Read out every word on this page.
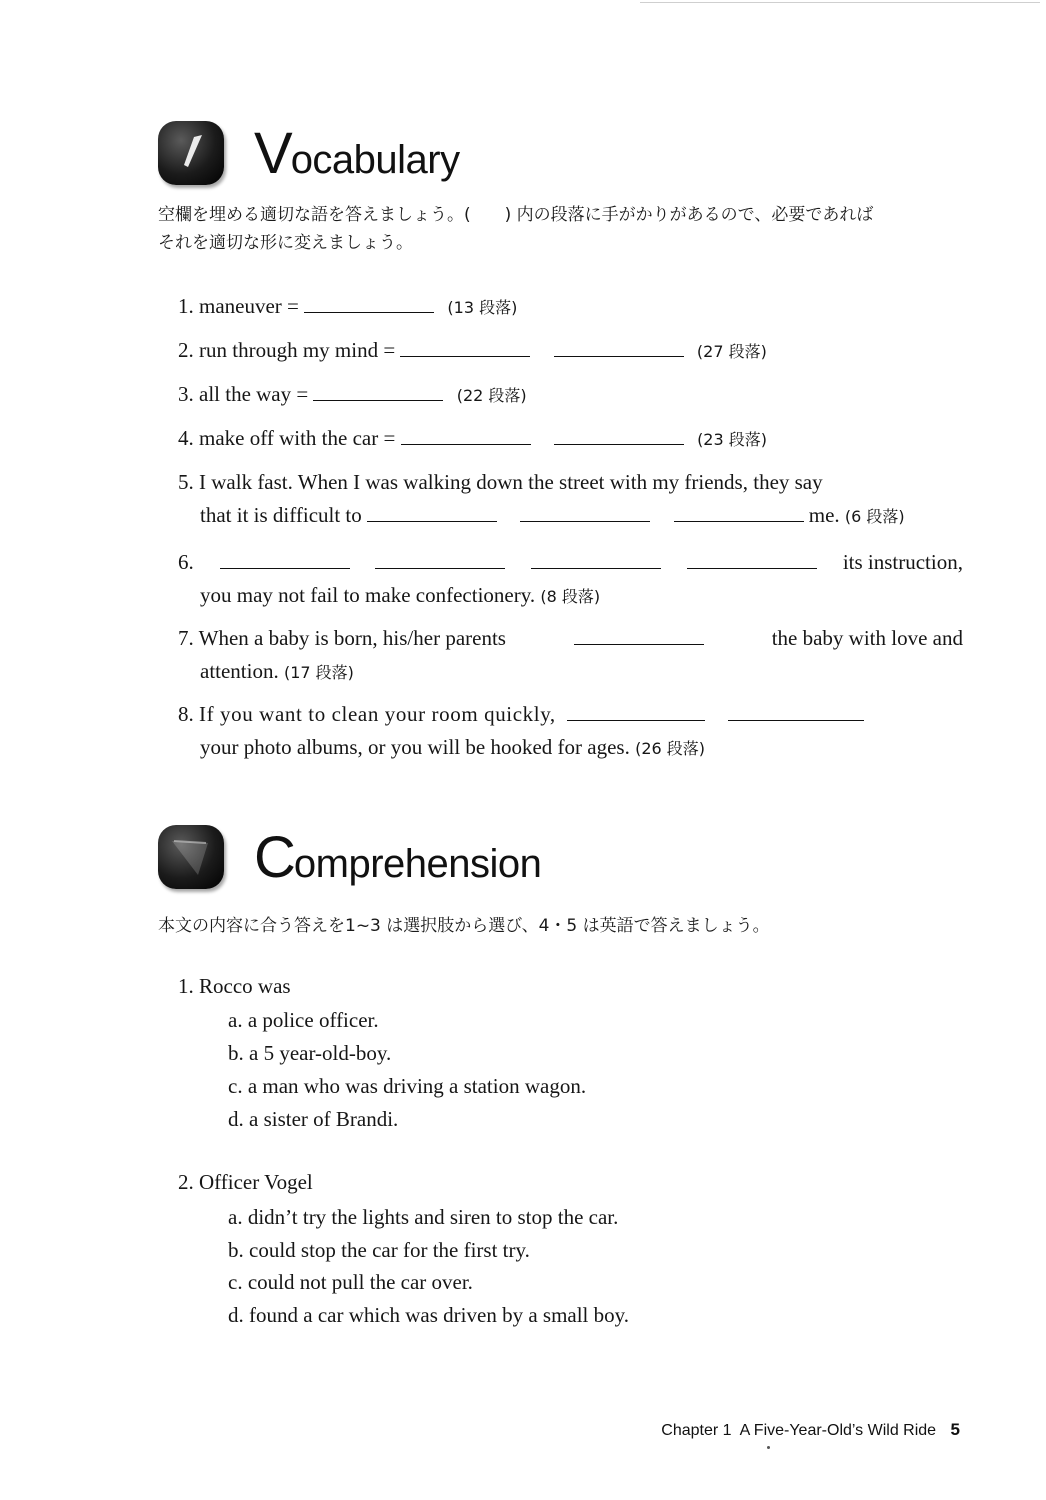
Vocabulary
空欄を埋める適切な語を答えましょう。(　　) 内の段落に手がかりがあるので、必要であれば
それを適切な形に変えましょう。
1. maneuver =	(13 段落)
2. run through my mind =	(27 段落)
3. all the way =	(22 段落)
4. make off with the car =	(23 段落)
5. I walk fast. When I was walking down the street with my friends, they say
that it is difficult to	me. (6 段落)
6.	its instruction,
you may not fail to make confectionery. (8 段落)
7. When a baby is born, his/her parents	the baby with love and
attention. (17 段落)
8. If you want to clean your room quickly,
your photo albums, or you will be hooked for ages. (26 段落)
Comprehension
本文の内容に合う答えを1~3 は選択肢から選び、4・5 は英語で答えましょう。
1. Rocco was
a. a police officer.
b. a 5 year-old-boy.
c. a man who was driving a station wagon.
d. a sister of Brandi.
2. Officer Vogel
a. didn’t try the lights and siren to stop the car.
b. could stop the car for the first try.
c. could not pull the car over.
d. found a car which was driven by a small boy.
Chapter 1 A Five-Year-Old’s Wild Ride 5
